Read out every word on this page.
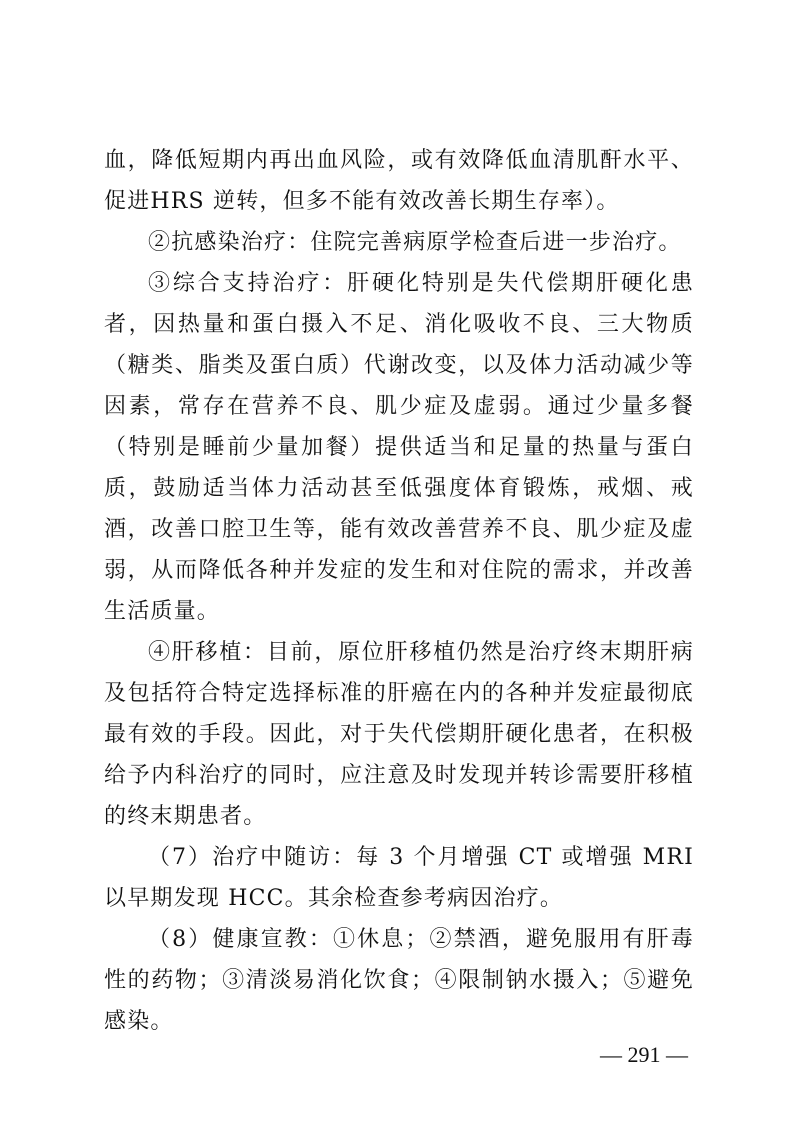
血，降低短期内再出血风险，或有效降低血清肌酐水平、促进HRS 逆转，但多不能有效改善长期生存率）。

②抗感染治疗：住院完善病原学检查后进一步治疗。

③综合支持治疗：肝硬化特别是失代偿期肝硬化患者，因热量和蛋白摄入不足、消化吸收不良、三大物质（糖类、脂类及蛋白质）代谢改变，以及体力活动减少等因素，常存在营养不良、肌少症及虚弱。通过少量多餐（特别是睡前少量加餐）提供适当和足量的热量与蛋白质，鼓励适当体力活动甚至低强度体育锻炼，戒烟、戒酒，改善口腔卫生等，能有效改善营养不良、肌少症及虚弱，从而降低各种并发症的发生和对住院的需求，并改善生活质量。

④肝移植：目前，原位肝移植仍然是治疗终末期肝病及包括符合特定选择标准的肝癌在内的各种并发症最彻底最有效的手段。因此，对于失代偿期肝硬化患者，在积极给予内科治疗的同时，应注意及时发现并转诊需要肝移植的终末期患者。

（7）治疗中随访：每 3 个月增强 CT 或增强 MRI 以早期发现 HCC。其余检查参考病因治疗。

（8）健康宣教：①休息；②禁酒，避免服用有肝毒性的药物；③清淡易消化饮食；④限制钠水摄入；⑤避免感染。

— 291 —
